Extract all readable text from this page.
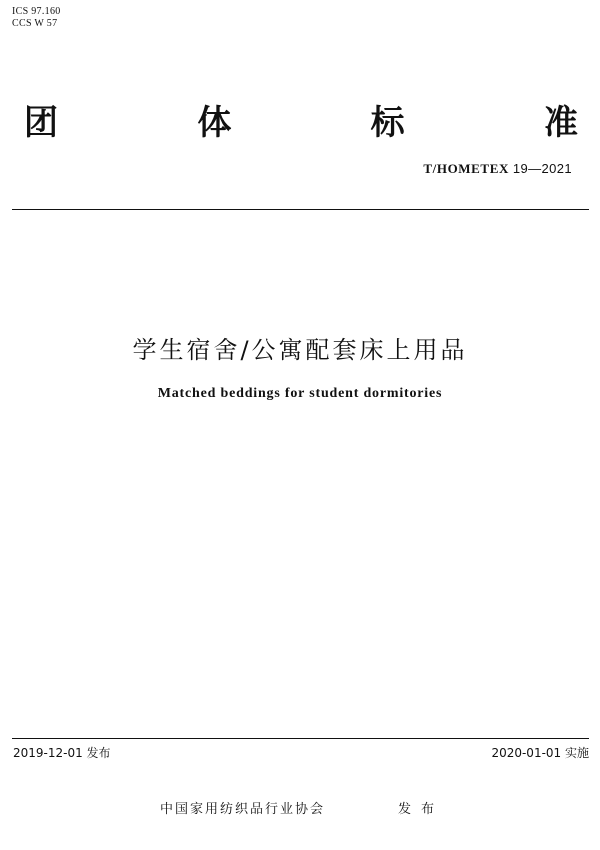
ICS 97.160
CCS W 57
团	体	标	准
T/HOMETEX 19—2021
学生宿舍/公寓配套床上用品
Matched beddings for student dormitories
2019-12-01 发布	2020-01-01 实施
中国家用纺织品行业协会	发布
